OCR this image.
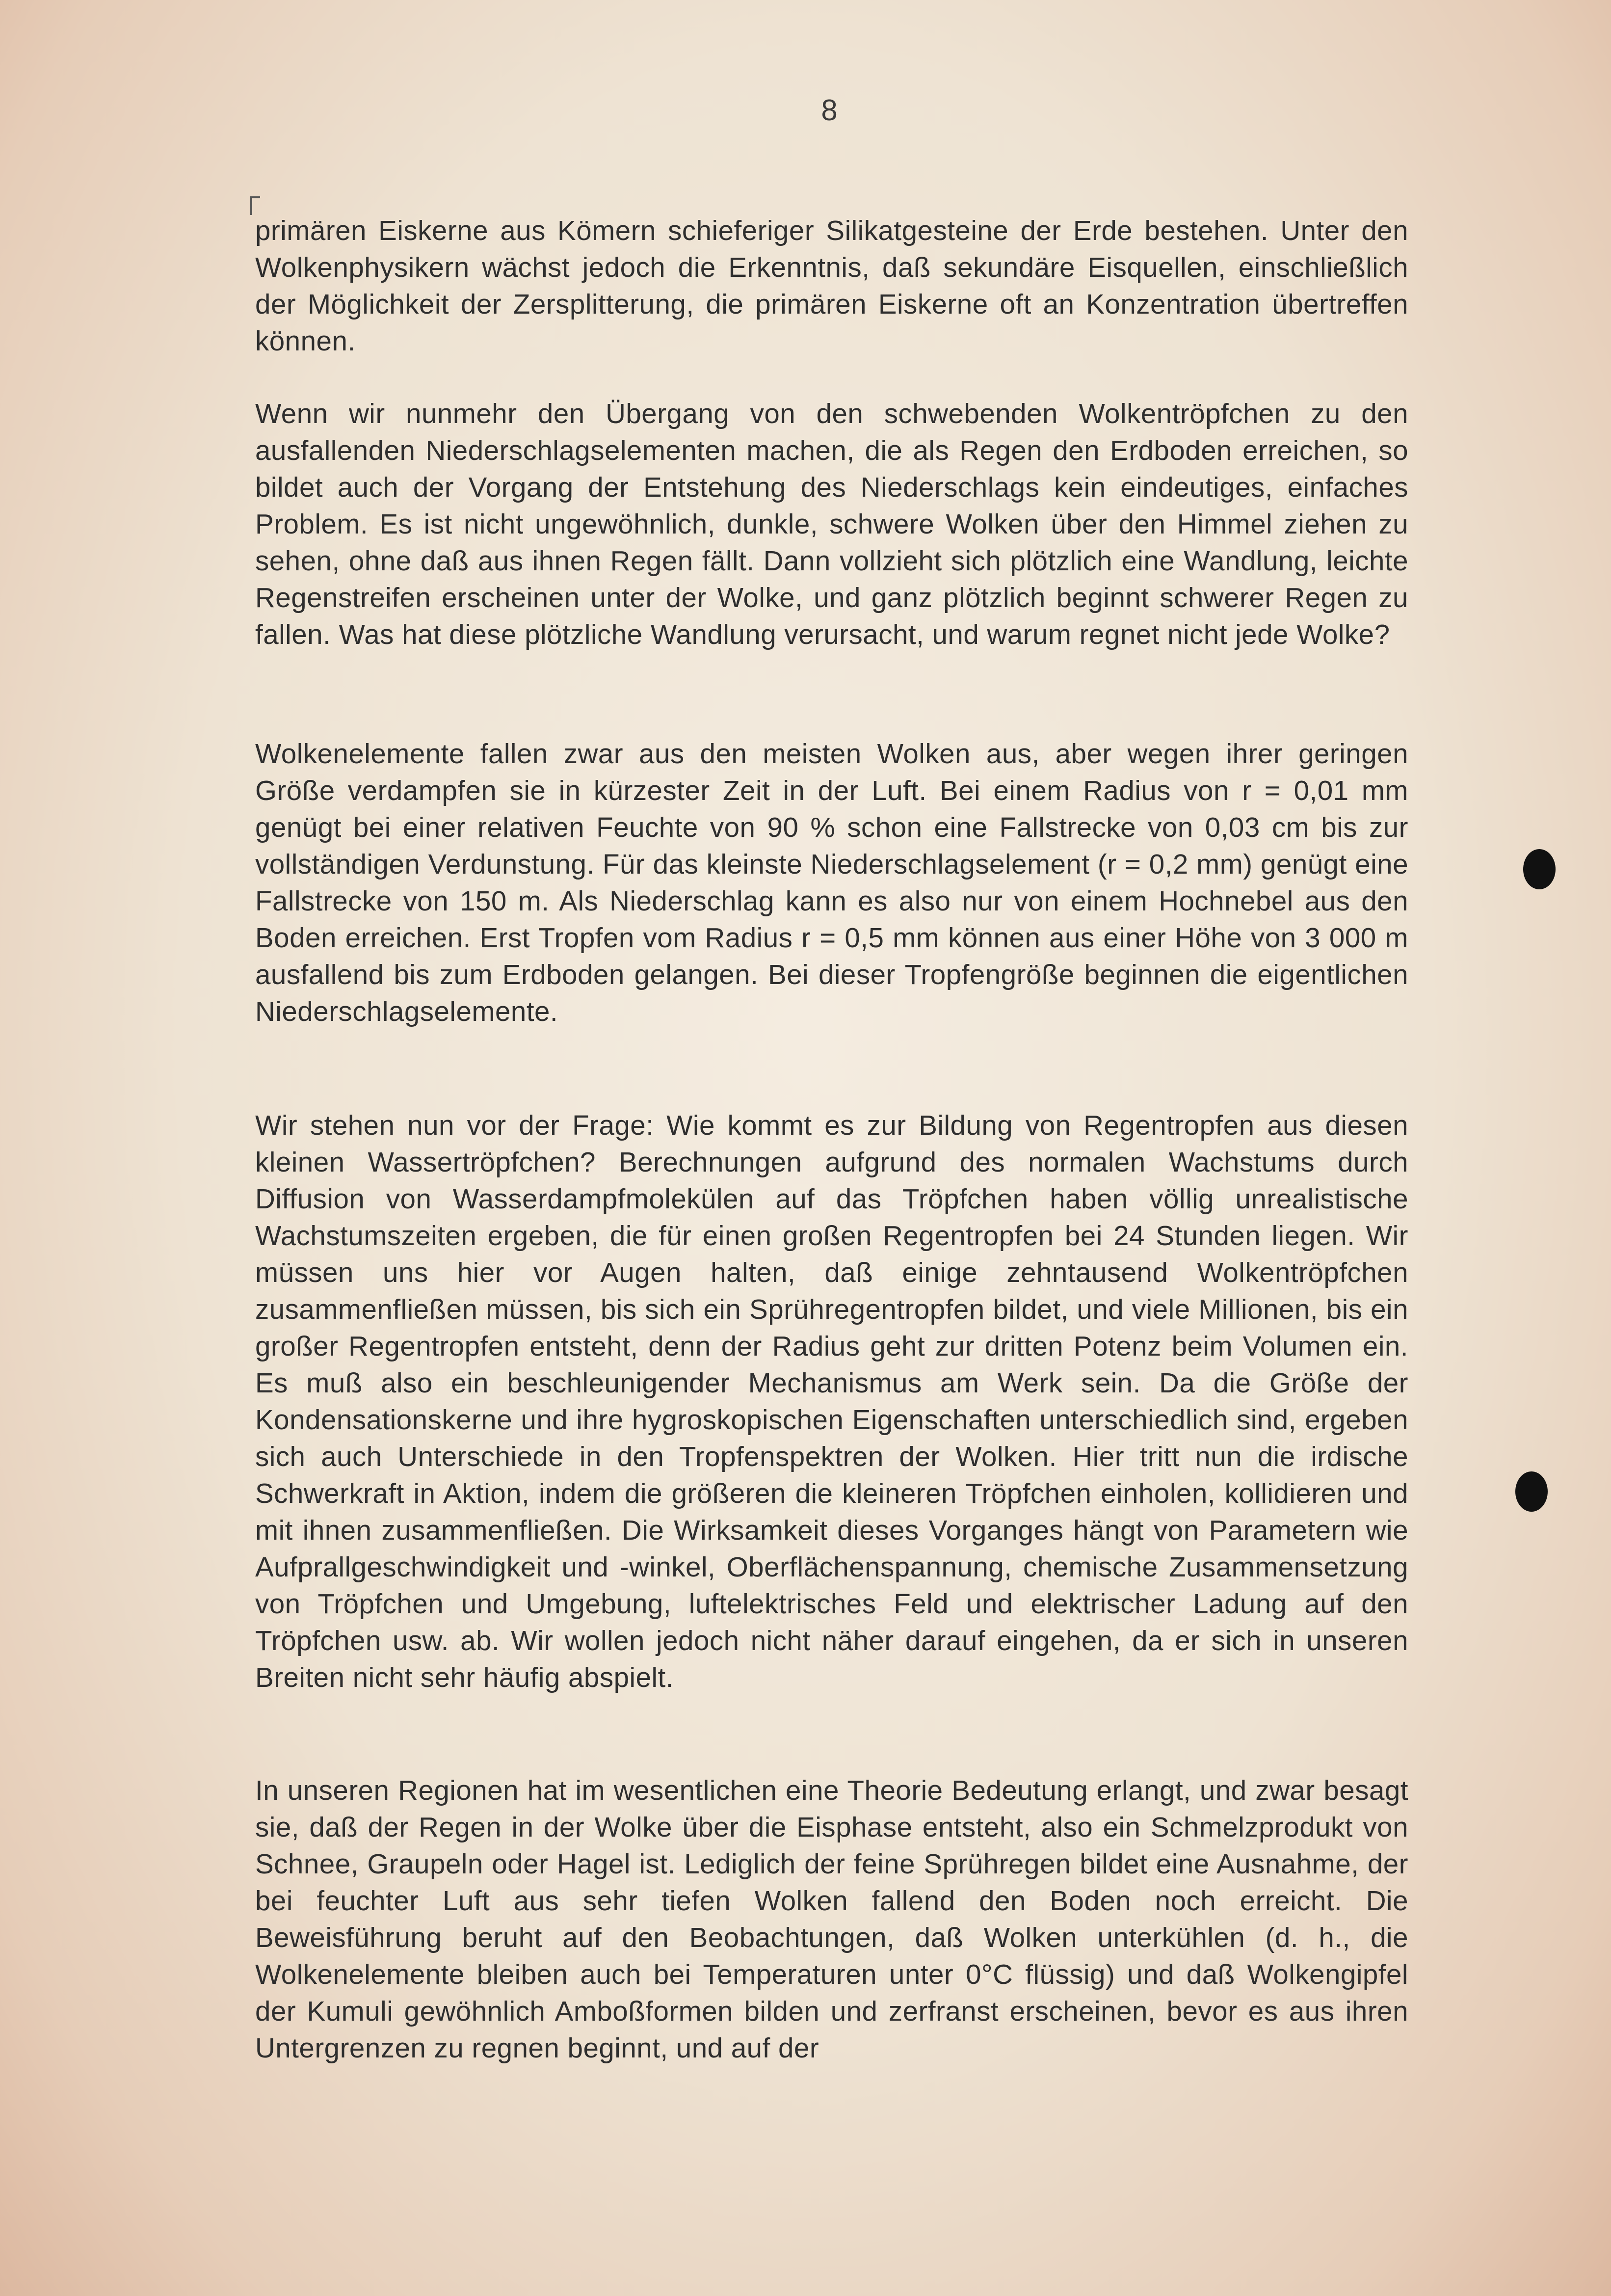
8
primären Eiskerne aus Kömern schieferiger Silikatgesteine der Erde bestehen. Unter den Wolkenphysikern wächst jedoch die Erkenntnis, daß sekundäre Eisquellen, einschließlich der Möglichkeit der Zersplitterung, die primären Eiskerne oft an Konzentration übertreffen können.
Wenn wir nunmehr den Übergang von den schwebenden Wolkentröpfchen zu den ausfallenden Niederschlagselementen machen, die als Regen den Erdboden erreichen, so bildet auch der Vorgang der Entstehung des Niederschlags kein eindeutiges, einfaches Problem. Es ist nicht ungewöhnlich, dunkle, schwere Wolken über den Himmel ziehen zu sehen, ohne daß aus ihnen Regen fällt. Dann vollzieht sich plötzlich eine Wandlung, leichte Regenstreifen erscheinen unter der Wolke, und ganz plötzlich beginnt schwerer Regen zu fallen. Was hat diese plötzliche Wandlung verursacht, und warum regnet nicht jede Wolke?
Wolkenelemente fallen zwar aus den meisten Wolken aus, aber wegen ihrer geringen Größe verdampfen sie in kürzester Zeit in der Luft. Bei einem Radius von r = 0,01 mm genügt bei einer relativen Feuchte von 90 % schon eine Fallstrecke von 0,03 cm bis zur vollständigen Verdunstung. Für das kleinste Niederschlagselement (r = 0,2 mm) genügt eine Fallstrecke von 150 m. Als Niederschlag kann es also nur von einem Hochnebel aus den Boden erreichen. Erst Tropfen vom Radius r = 0,5 mm können aus einer Höhe von 3 000 m ausfallend bis zum Erdboden gelangen. Bei dieser Tropfengröße beginnen die eigentlichen Niederschlagselemente.
Wir stehen nun vor der Frage: Wie kommt es zur Bildung von Regentropfen aus diesen kleinen Wassertröpfchen? Berechnungen aufgrund des normalen Wachstums durch Diffusion von Wasserdampfmolekülen auf das Tröpfchen haben völlig unrealistische Wachstumszeiten ergeben, die für einen großen Regentropfen bei 24 Stunden liegen. Wir müssen uns hier vor Augen halten, daß einige zehntausend Wolkentröpfchen zusammenfließen müssen, bis sich ein Sprühregentropfen bildet, und viele Millionen, bis ein großer Regentropfen entsteht, denn der Radius geht zur dritten Potenz beim Volumen ein. Es muß also ein beschleunigender Mechanismus am Werk sein. Da die Größe der Kondensationskerne und ihre hygroskopischen Eigenschaften unterschiedlich sind, ergeben sich auch Unterschiede in den Tropfenspektren der Wolken. Hier tritt nun die irdische Schwerkraft in Aktion, indem die größeren die kleineren Tröpfchen einholen, kollidieren und mit ihnen zusammenfließen. Die Wirksamkeit dieses Vorganges hängt von Parametern wie Aufprallgeschwindigkeit und -winkel, Oberflächenspannung, chemische Zusammensetzung von Tröpfchen und Umgebung, luftelektrisches Feld und elektrischer Ladung auf den Tröpfchen usw. ab. Wir wollen jedoch nicht näher darauf eingehen, da er sich in unseren Breiten nicht sehr häufig abspielt.
In unseren Regionen hat im wesentlichen eine Theorie Bedeutung erlangt, und zwar besagt sie, daß der Regen in der Wolke über die Eisphase entsteht, also ein Schmelzprodukt von Schnee, Graupeln oder Hagel ist. Lediglich der feine Sprühregen bildet eine Ausnahme, der bei feuchter Luft aus sehr tiefen Wolken fallend den Boden noch erreicht. Die Beweisführung beruht auf den Beobachtungen, daß Wolken unterkühlen (d. h., die Wolkenelemente bleiben auch bei Temperaturen unter 0°C flüssig) und daß Wolkengipfel der Kumuli gewöhnlich Amboßformen bilden und zerfranst erscheinen, bevor es aus ihren Untergrenzen zu regnen beginnt, und auf der
